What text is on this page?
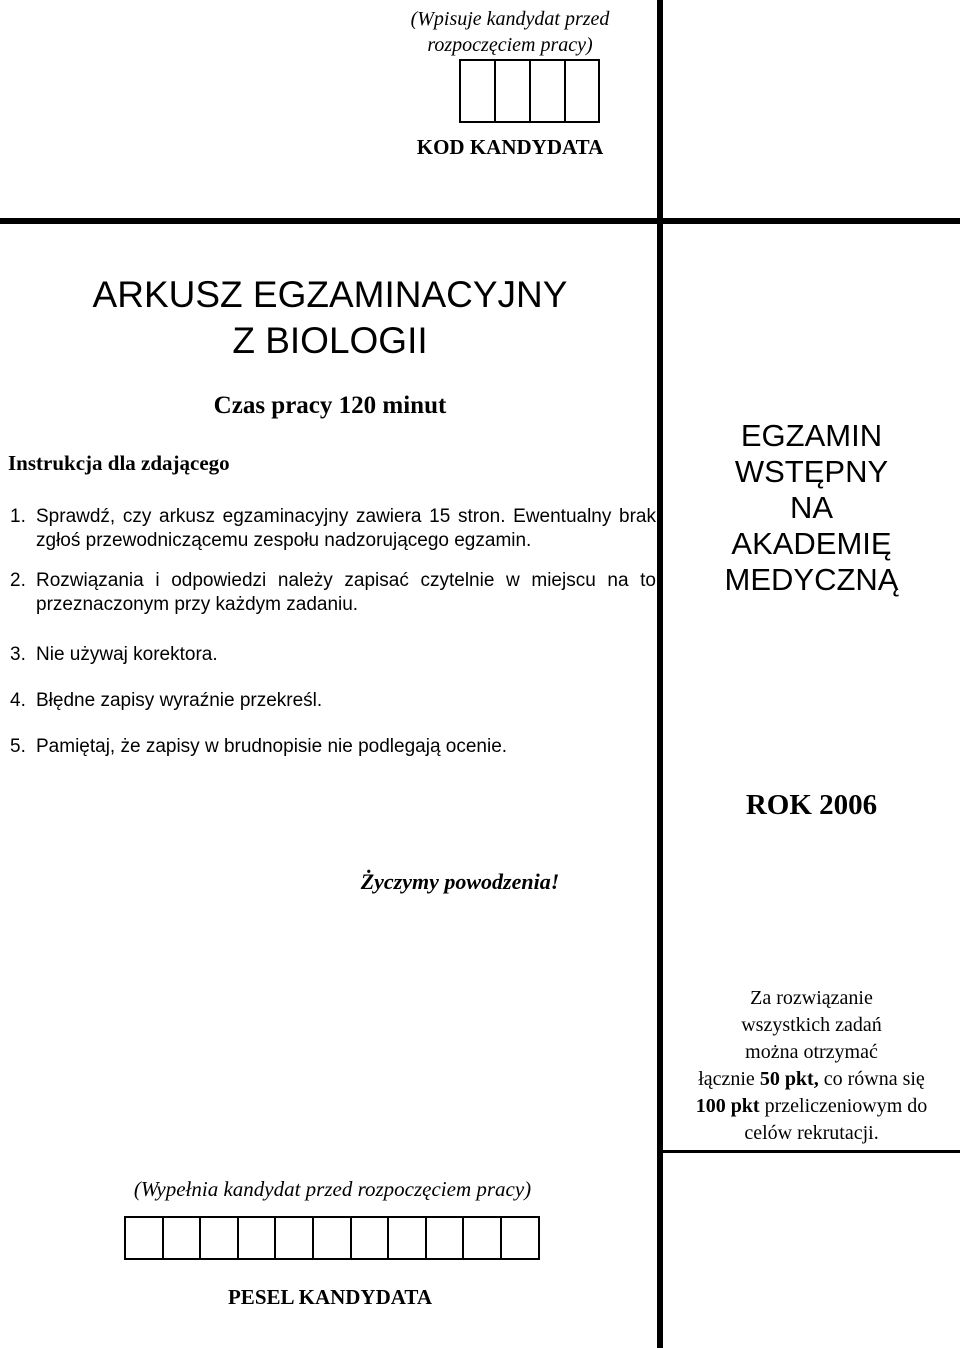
(Wpisuje kandydat przed rozpoczęciem pracy)
KOD KANDYDATA
ARKUSZ EGZAMINACYJNY
Z BIOLOGII
Czas pracy 120 minut
Instrukcja dla zdającego
1. Sprawdź, czy arkusz egzaminacyjny zawiera 15 stron. Ewentualny brak zgłoś przewodniczącemu zespołu nadzorującego egzamin.
2. Rozwiązania i odpowiedzi należy zapisać czytelnie w miejscu na to przeznaczonym przy każdym zadaniu.
3. Nie używaj korektora.
4. Błędne zapisy wyraźnie przekreśl.
5. Pamiętaj, że zapisy w brudnopisie nie podlegają ocenie.
Życzymy powodzenia!
EGZAMIN
WSTĘPNY
NA
AKADEMIĘ
MEDYCZNĄ
ROK 2006
Za rozwiązanie
wszystkich zadań
można otrzymać
łącznie 50 pkt, co równa się
100 pkt przeliczeniowym do
celów rekrutacji.
(Wypełnia kandydat przed rozpoczęciem pracy)
PESEL KANDYDATA
